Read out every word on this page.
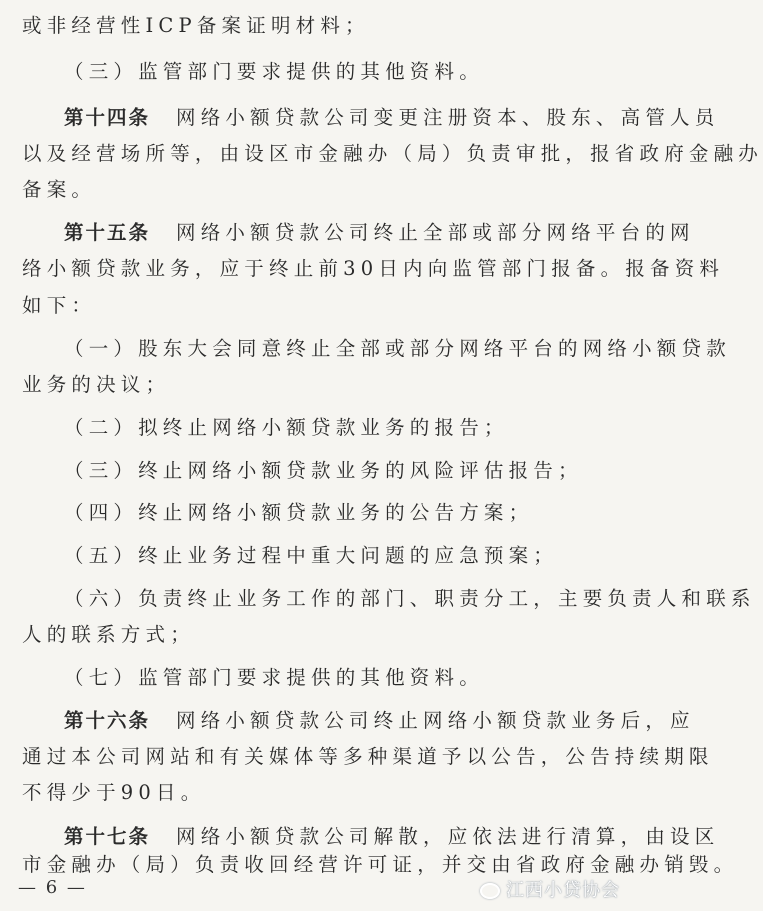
或非经营性ICP备案证明材料；
（三）监管部门要求提供的其他资料。
第十四条 网络小额贷款公司变更注册资本、股东、高管人员
以及经营场所等，由设区市金融办（局）负责审批，报省政府金融办
备案。
第十五条 网络小额贷款公司终止全部或部分网络平台的网
络小额贷款业务，应于终止前30日内向监管部门报备。报备资料
如下：
（一）股东大会同意终止全部或部分网络平台的网络小额贷款
业务的决议；
（二）拟终止网络小额贷款业务的报告；
（三）终止网络小额贷款业务的风险评估报告；
（四）终止网络小额贷款业务的公告方案；
（五）终止业务过程中重大问题的应急预案；
（六）负责终止业务工作的部门、职责分工，主要负责人和联系
人的联系方式；
（七）监管部门要求提供的其他资料。
第十六条 网络小额贷款公司终止网络小额贷款业务后，应
通过本公司网站和有关媒体等多种渠道予以公告，公告持续期限
不得少于90日。
第十七条 网络小额贷款公司解散，应依法进行清算，由设区
市金融办（局）负责收回经营许可证，并交由省政府金融办销毁。
— 6 —	江西小贷协会
